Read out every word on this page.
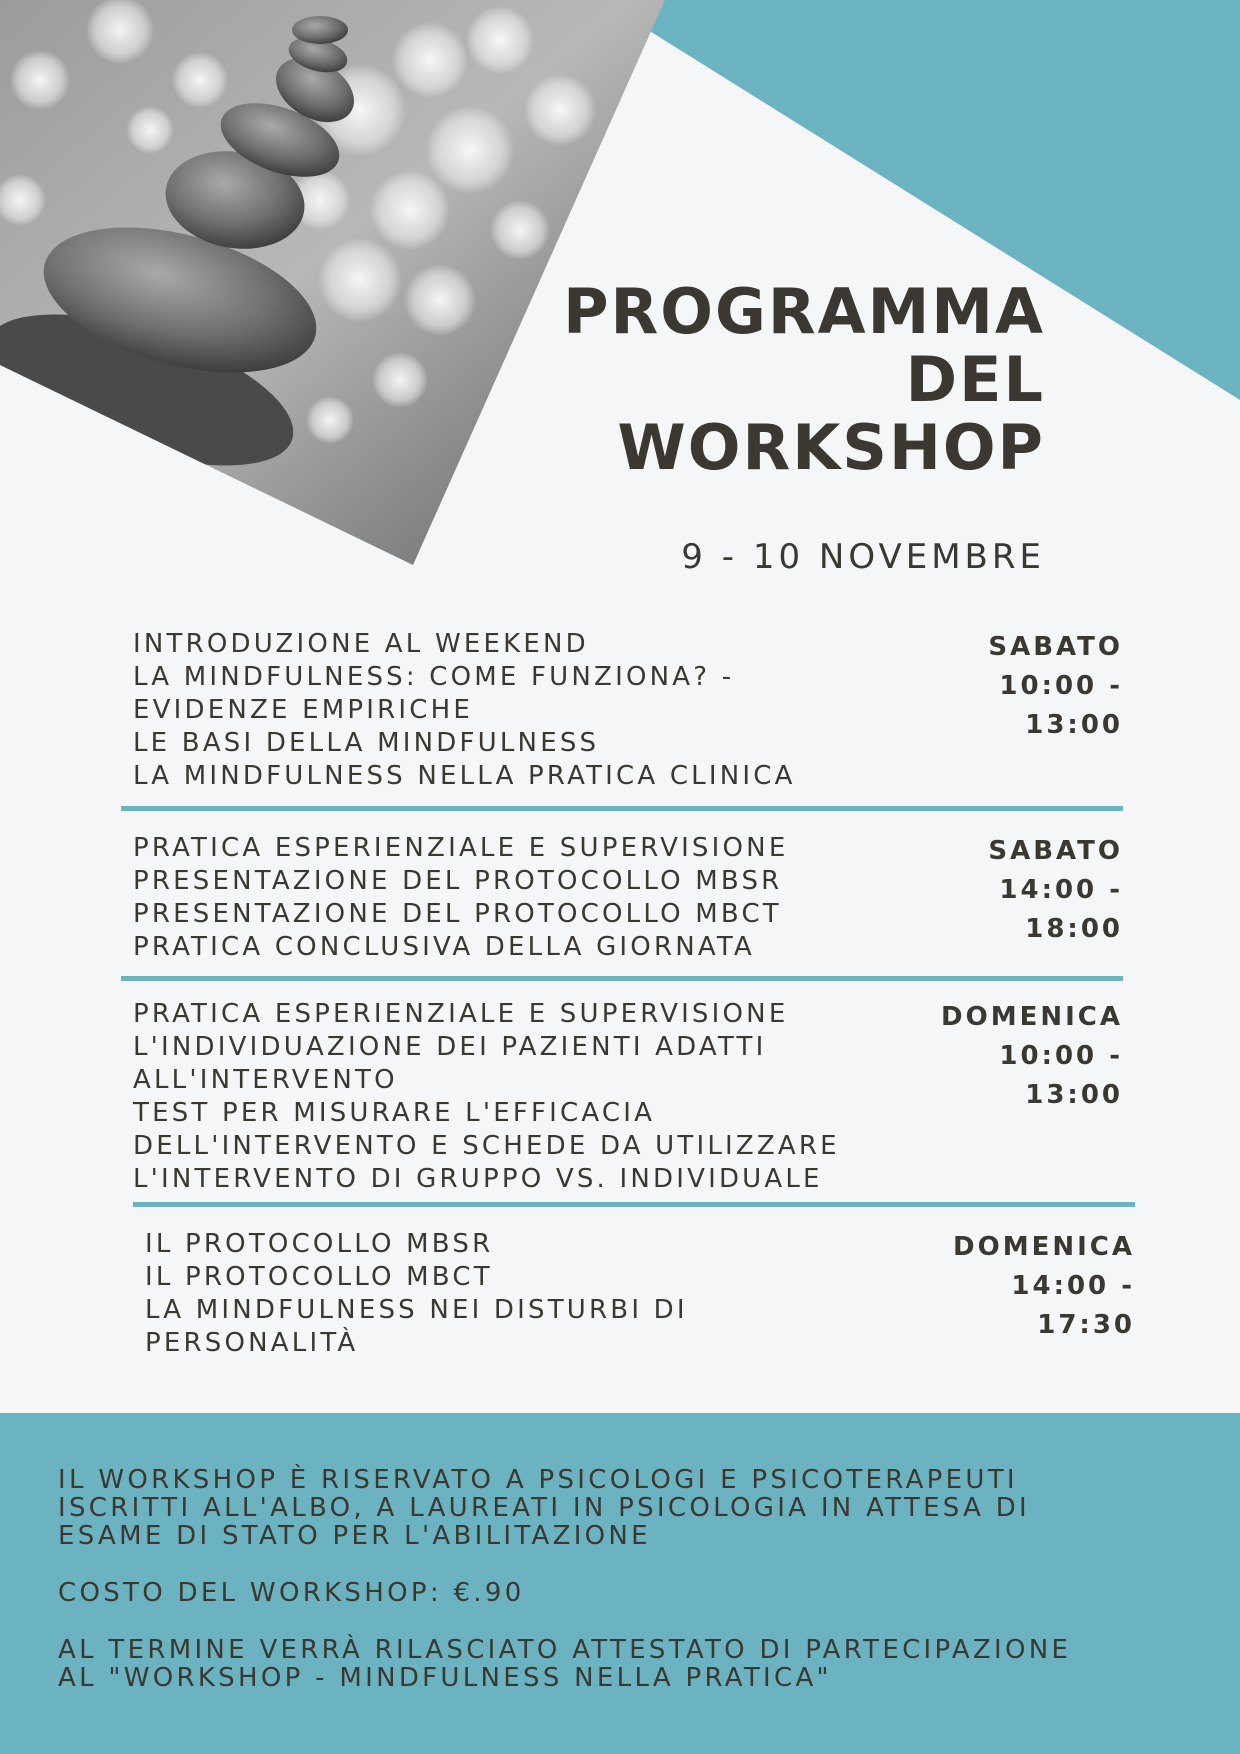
PROGRAMMA
DEL
WORKSHOP
9 - 10 NOVEMBRE
INTRODUZIONE AL WEEKEND
LA MINDFULNESS: COME FUNZIONA? -
EVIDENZE EMPIRICHE
LE BASI DELLA MINDFULNESS
LA MINDFULNESS NELLA PRATICA CLINICA
SABATO
10:00 -
13:00
PRATICA ESPERIENZIALE E SUPERVISIONE
PRESENTAZIONE DEL PROTOCOLLO MBSR
PRESENTAZIONE DEL PROTOCOLLO MBCT
PRATICA CONCLUSIVA DELLA GIORNATA
SABATO
14:00 -
18:00
PRATICA ESPERIENZIALE E SUPERVISIONE
L'INDIVIDUAZIONE DEI PAZIENTI ADATTI
ALL'INTERVENTO
TEST PER MISURARE L'EFFICACIA
DELL'INTERVENTO E SCHEDE DA UTILIZZARE
L'INTERVENTO DI GRUPPO VS. INDIVIDUALE
DOMENICA
10:00 -
13:00
IL PROTOCOLLO MBSR
IL PROTOCOLLO MBCT
LA MINDFULNESS NEI DISTURBI DI
PERSONALITÀ
DOMENICA
14:00 -
17:30
IL WORKSHOP È RISERVATO A PSICOLOGI E PSICOTERAPEUTI
ISCRITTI ALL'ALBO, A LAUREATI IN PSICOLOGIA IN ATTESA DI
ESAME DI STATO PER L'ABILITAZIONE
COSTO DEL WORKSHOP: €.90
AL TERMINE VERRÀ RILASCIATO ATTESTATO DI PARTECIPAZIONE
AL "WORKSHOP - MINDFULNESS NELLA PRATICA"
